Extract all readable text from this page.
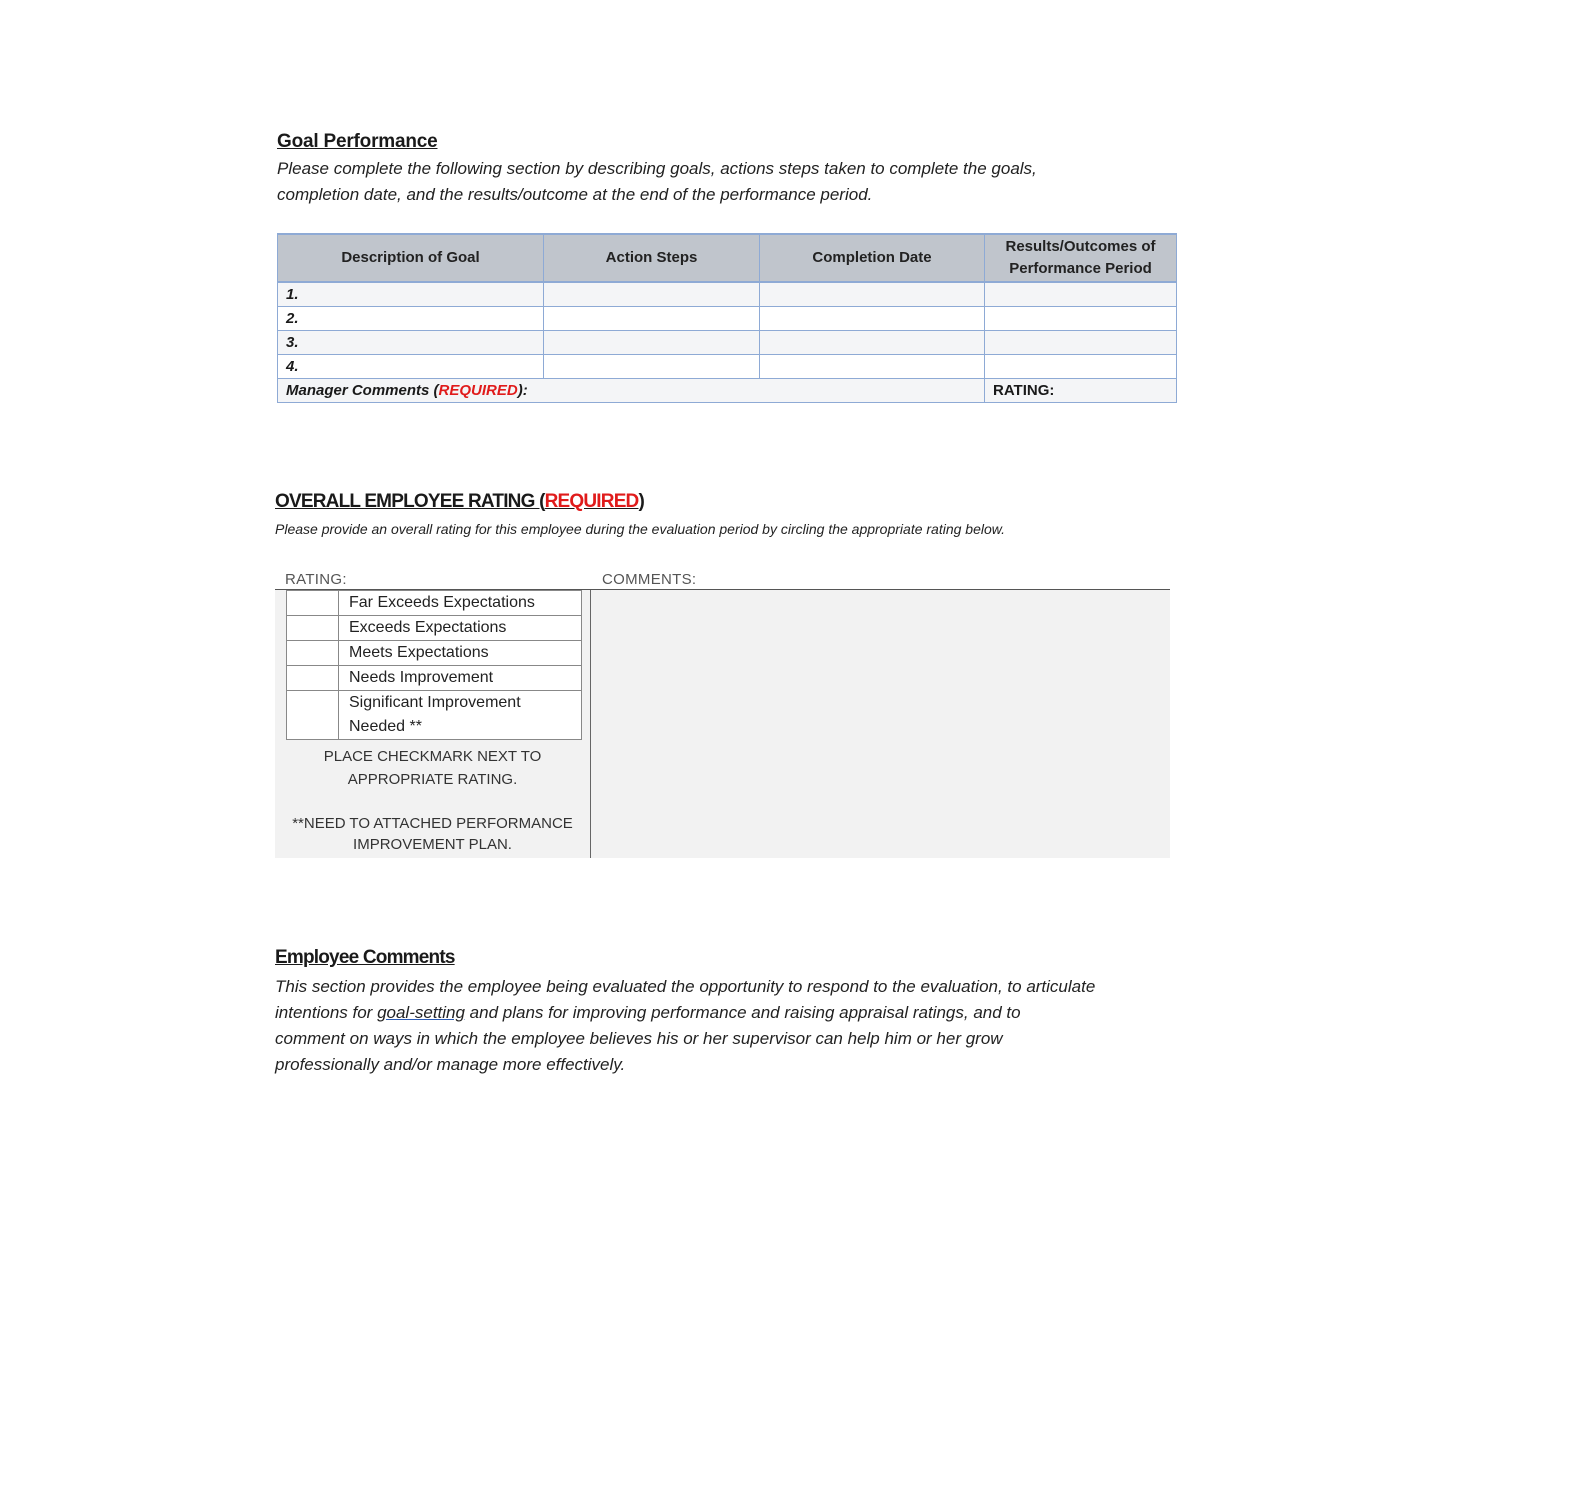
Goal Performance
Please complete the following section by describing goals, actions steps taken to complete the goals,
completion date, and the results/outcome at the end of the performance period.
Description of Goal	Action Steps	Completion Date	Results/Outcomes of Performance Period
1.			
2.			
3.			
4.			
Manager Comments (REQUIRED):			RATING:
OVERALL EMPLOYEE RATING (REQUIRED)
Please provide an overall rating for this employee during the evaluation period by circling the appropriate rating below.
RATING:	COMMENTS:
	Far Exceeds Expectations
	Exceeds Expectations
	Meets Expectations
	Needs Improvement
	Significant Improvement Needed **
PLACE CHECKMARK NEXT TO
APPROPRIATE RATING.
**NEED TO ATTACHED PERFORMANCE
IMPROVEMENT PLAN.
Employee Comments
This section provides the employee being evaluated the opportunity to respond to the evaluation, to articulate
intentions for goal-setting and plans for improving performance and raising appraisal ratings, and to
comment on ways in which the employee believes his or her supervisor can help him or her grow
professionally and/or manage more effectively.
